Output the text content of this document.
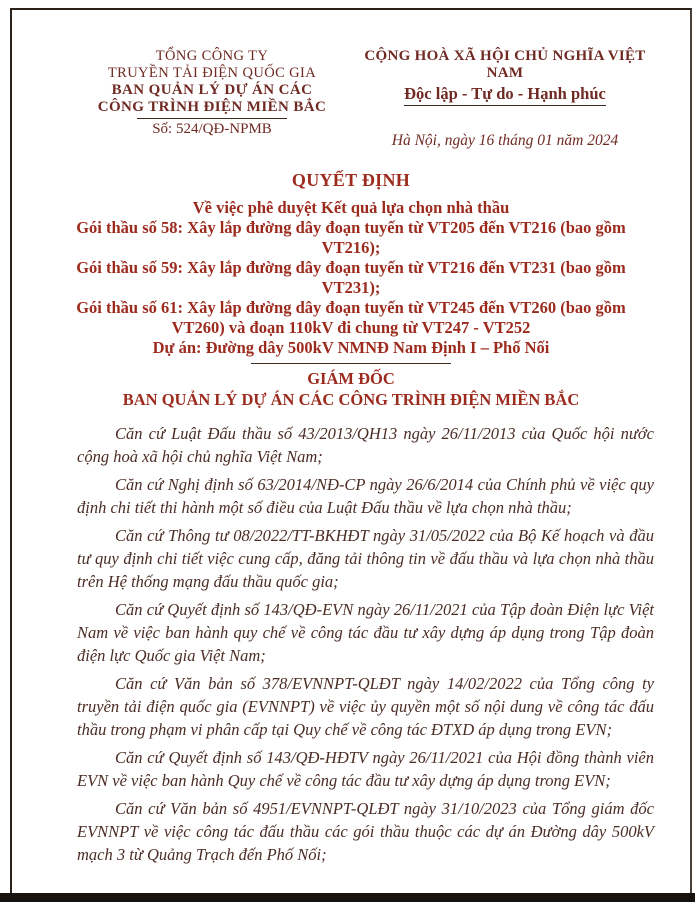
TỔNG CÔNG TY
TRUYỀN TẢI ĐIỆN QUỐC GIA
BAN QUẢN LÝ DỰ ÁN CÁC
CÔNG TRÌNH ĐIỆN MIỀN BẮC
Số: 524/QĐ-NPMB
CỘNG HOÀ XÃ HỘI CHỦ NGHĨA VIỆT NAM
Độc lập - Tự do - Hạnh phúc
Hà Nội, ngày 16 tháng 01 năm 2024
QUYẾT ĐỊNH
Về việc phê duyệt Kết quả lựa chọn nhà thầu
Gói thầu số 58: Xây lắp đường dây đoạn tuyến từ VT205 đến VT216 (bao gồm VT216);
Gói thầu số 59: Xây lắp đường dây đoạn tuyến từ VT216 đến VT231 (bao gồm VT231);
Gói thầu số 61: Xây lắp đường dây đoạn tuyến từ VT245 đến VT260 (bao gồm VT260) và đoạn 110kV đi chung từ VT247 - VT252
Dự án: Đường dây 500kV NMNĐ Nam Định I – Phố Nối
GIÁM ĐỐC
BAN QUẢN LÝ DỰ ÁN CÁC CÔNG TRÌNH ĐIỆN MIỀN BẮC

Căn cứ Luật Đấu thầu số 43/2013/QH13 ngày 26/11/2013 của Quốc hội nước cộng hoà xã hội chủ nghĩa Việt Nam;

Căn cứ Nghị định số 63/2014/NĐ-CP ngày 26/6/2014 của Chính phủ về việc quy định chi tiết thi hành một số điều của Luật Đấu thầu về lựa chọn nhà thầu;

Căn cứ Thông tư 08/2022/TT-BKHĐT ngày 31/05/2022 của Bộ Kế hoạch và đầu tư quy định chi tiết việc cung cấp, đăng tải thông tin về đấu thầu và lựa chọn nhà thầu trên Hệ thống mạng đấu thầu quốc gia;

Căn cứ Quyết định số 143/QĐ-EVN ngày 26/11/2021 của Tập đoàn Điện lực Việt Nam về việc ban hành quy chế về công tác đầu tư xây dựng áp dụng trong Tập đoàn điện lực Quốc gia Việt Nam;

Căn cứ Văn bản số 378/EVNNPT-QLĐT ngày 14/02/2022 của Tổng công ty truyền tải điện quốc gia (EVNNPT) về việc ủy quyền một số nội dung về công tác đấu thầu trong phạm vi phân cấp tại Quy chế về công tác ĐTXD áp dụng trong EVN;

Căn cứ Quyết định số 143/QĐ-HĐTV ngày 26/11/2021 của Hội đồng thành viên EVN về việc ban hành Quy chế về công tác đầu tư xây dựng áp dụng trong EVN;

Căn cứ Văn bản số 4951/EVNNPT-QLĐT ngày 31/10/2023 của Tổng giám đốc EVNNPT về việc công tác đấu thầu các gói thầu thuộc các dự án Đường dây 500kV mạch 3 từ Quảng Trạch đến Phố Nối;
